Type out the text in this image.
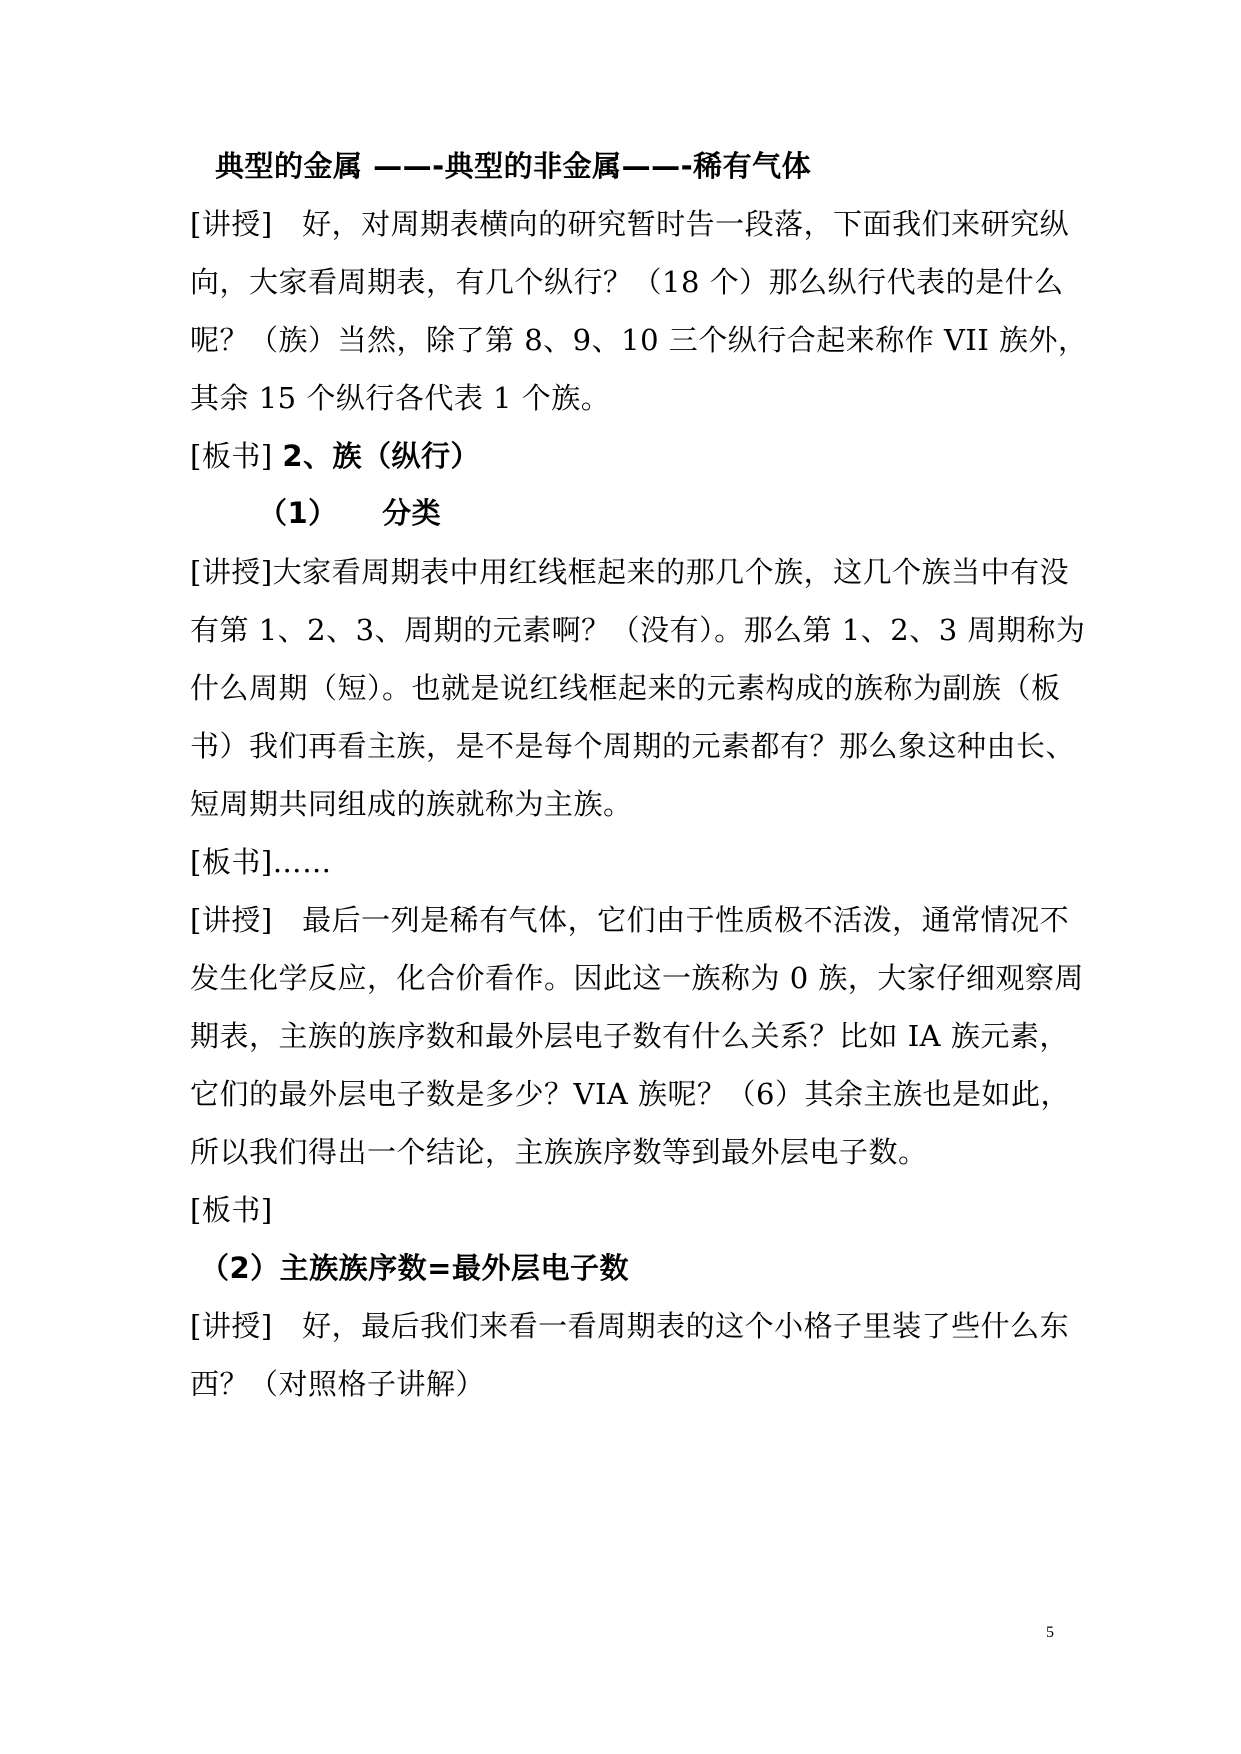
典型的金属 ——-典型的非金属——-稀有气体
[讲授]　好，对周期表横向的研究暂时告一段落，下面我们来研究纵
向，大家看周期表，有几个纵行？（18 个）那么纵行代表的是什么
呢？（族）当然，除了第 8、9、10 三个纵行合起来称作 VII 族外，
其余 15 个纵行各代表 1 个族。
[板书] 2、族（纵行）
（1）　　分类
[讲授]大家看周期表中用红线框起来的那几个族，这几个族当中有没
有第 1、2、3、周期的元素啊？（没有）。那么第 1、2、3 周期称为
什么周期（短）。也就是说红线框起来的元素构成的族称为副族（板
书）我们再看主族，是不是每个周期的元素都有？那么象这种由长、
短周期共同组成的族就称为主族。
[板书]……
[讲授]　最后一列是稀有气体，它们由于性质极不活泼，通常情况不
发生化学反应，化合价看作。因此这一族称为 0 族，大家仔细观察周
期表，主族的族序数和最外层电子数有什么关系？比如 IA 族元素，
它们的最外层电子数是多少？VIA 族呢？（6）其余主族也是如此，
所以我们得出一个结论，主族族序数等到最外层电子数。
[板书]
（2）主族族序数=最外层电子数
[讲授]　好，最后我们来看一看周期表的这个小格子里装了些什么东
西？（对照格子讲解）
5
